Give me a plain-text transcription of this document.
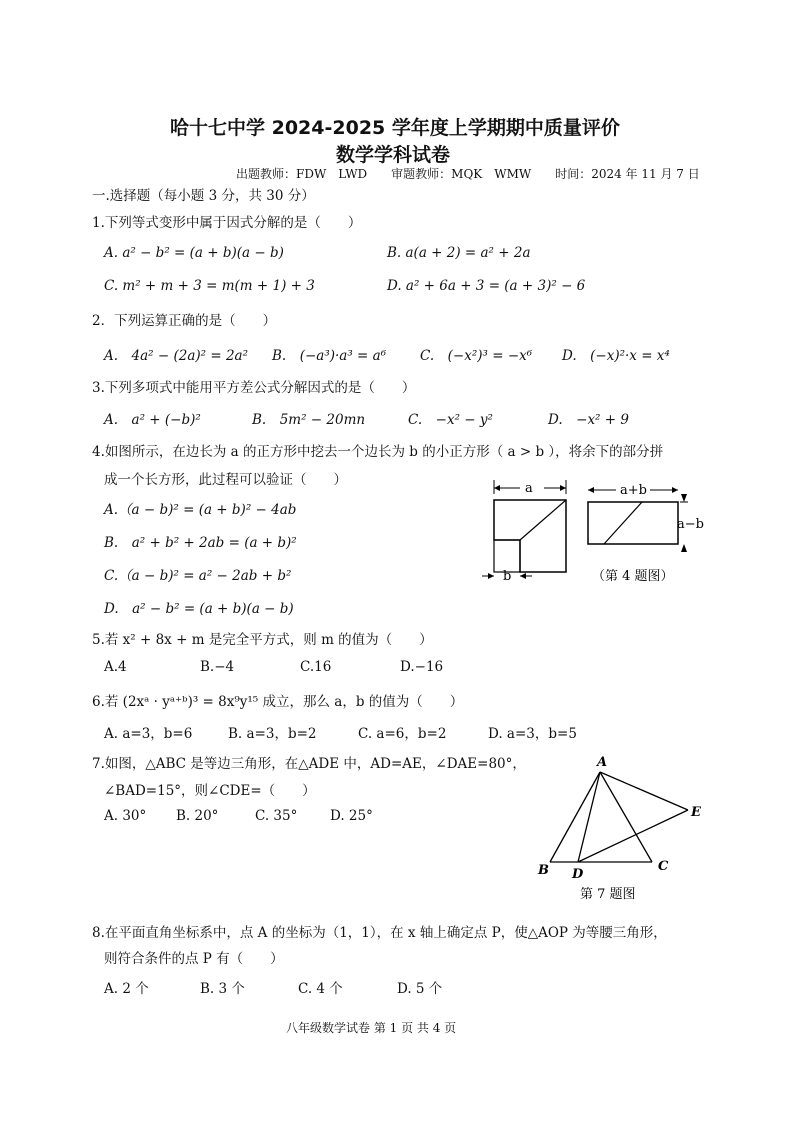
哈十七中学 2024-2025 学年度上学期期中质量评价
数学学科试卷
出题教师：FDW　LWD　　审题教师：MQK　WMW　　时间：2024 年 11 月 7 日
一.选择题（每小题 3 分，共 30 分）
1.下列等式变形中属于因式分解的是（　　）
A. a² − b² = (a + b)(a − b)	B. a(a + 2) = a² + 2a
C. m² + m + 3 = m(m + 1) + 3	D. a² + 6a + 3 = (a + 3)² − 6
2．下列运算正确的是（　　）
A.　4a² − (2a)² = 2a² B.　(−a³)·a³ = a⁶	C.　(−x²)³ = −x⁶ D.　(−x)²·x = x⁴
3.下列多项式中能用平方差公式分解因式的是（　　）
A.　a² + (−b)²	B.　5m² − 20mn	C.　−x² − y²	D.　−x² + 9
4.如图所示，在边长为 a 的正方形中挖去一个边长为 b 的小正方形（ a > b ），将余下的部分拼
成一个长方形，此过程可以验证（　　）
A.（a − b)² = (a + b)² − 4ab
B.　a² + b² + 2ab = (a + b)²
C.（a − b)² = a² − 2ab + b²
D.　a² − b² = (a + b)(a − b)
a
b
a+b
a−b
（第 4 题图）
5.若 x² + 8x + m 是完全平方式，则 m 的值为（　　）
A.4	B.−4	C.16	D.−16
6.若 (2xᵃ · yᵃ⁺ᵇ)³ = 8x⁹y¹⁵ 成立，那么 a，b 的值为（　　）
A. a=3，b=6	B. a=3，b=2	C. a=6，b=2	D. a=3，b=5
7.如图，△ABC 是等边三角形，在△ADE 中，AD=AE，∠DAE=80°，
∠BAD=15°，则∠CDE=（　　）
A. 30° B. 20°	C. 35° D. 25°
A
B	C
D
E
第 7 题图
8.在平面直角坐标系中，点 A 的坐标为（1，1），在 x 轴上确定点 P，使△AOP 为等腰三角形，
则符合条件的点 P 有（　　）
A. 2 个	B. 3 个	C. 4 个	D. 5 个
八年级数学试卷 第 1 页 共 4 页
